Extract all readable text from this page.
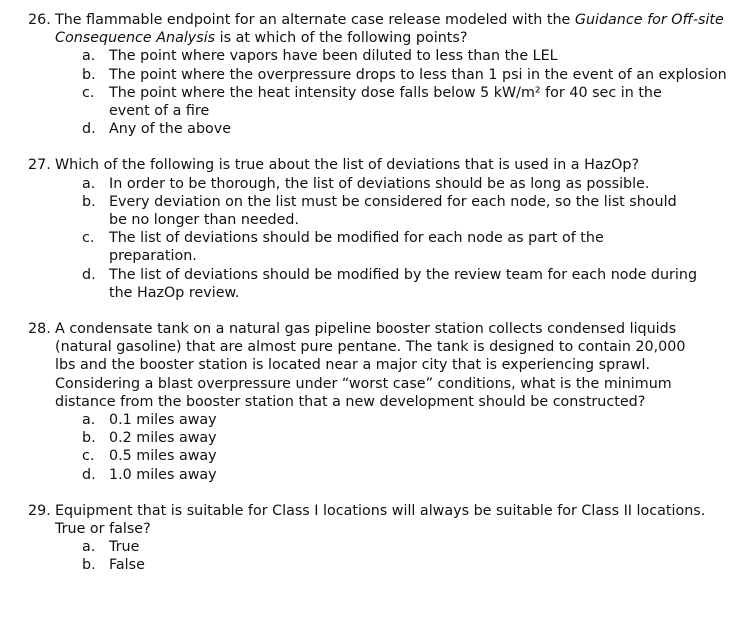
26. The flammable endpoint for an alternate case release modeled with the Guidance for Off-site Consequence Analysis is at which of the following points?
a. The point where vapors have been diluted to less than the LEL
b. The point where the overpressure drops to less than 1 psi in the event of an explosion
c. The point where the heat intensity dose falls below 5 kW/m² for 40 sec in the event of a fire
d. Any of the above
27. Which of the following is true about the list of deviations that is used in a HazOp?
a. In order to be thorough, the list of deviations should be as long as possible.
b. Every deviation on the list must be considered for each node, so the list should be no longer than needed.
c. The list of deviations should be modified for each node as part of the preparation.
d. The list of deviations should be modified by the review team for each node during the HazOp review.
28. A condensate tank on a natural gas pipeline booster station collects condensed liquids (natural gasoline) that are almost pure pentane. The tank is designed to contain 20,000 lbs and the booster station is located near a major city that is experiencing sprawl. Considering a blast overpressure under “worst case” conditions, what is the minimum distance from the booster station that a new development should be constructed?
a. 0.1 miles away
b. 0.2 miles away
c. 0.5 miles away
d. 1.0 miles away
29. Equipment that is suitable for Class I locations will always be suitable for Class II locations. True or false?
a. True
b. False
